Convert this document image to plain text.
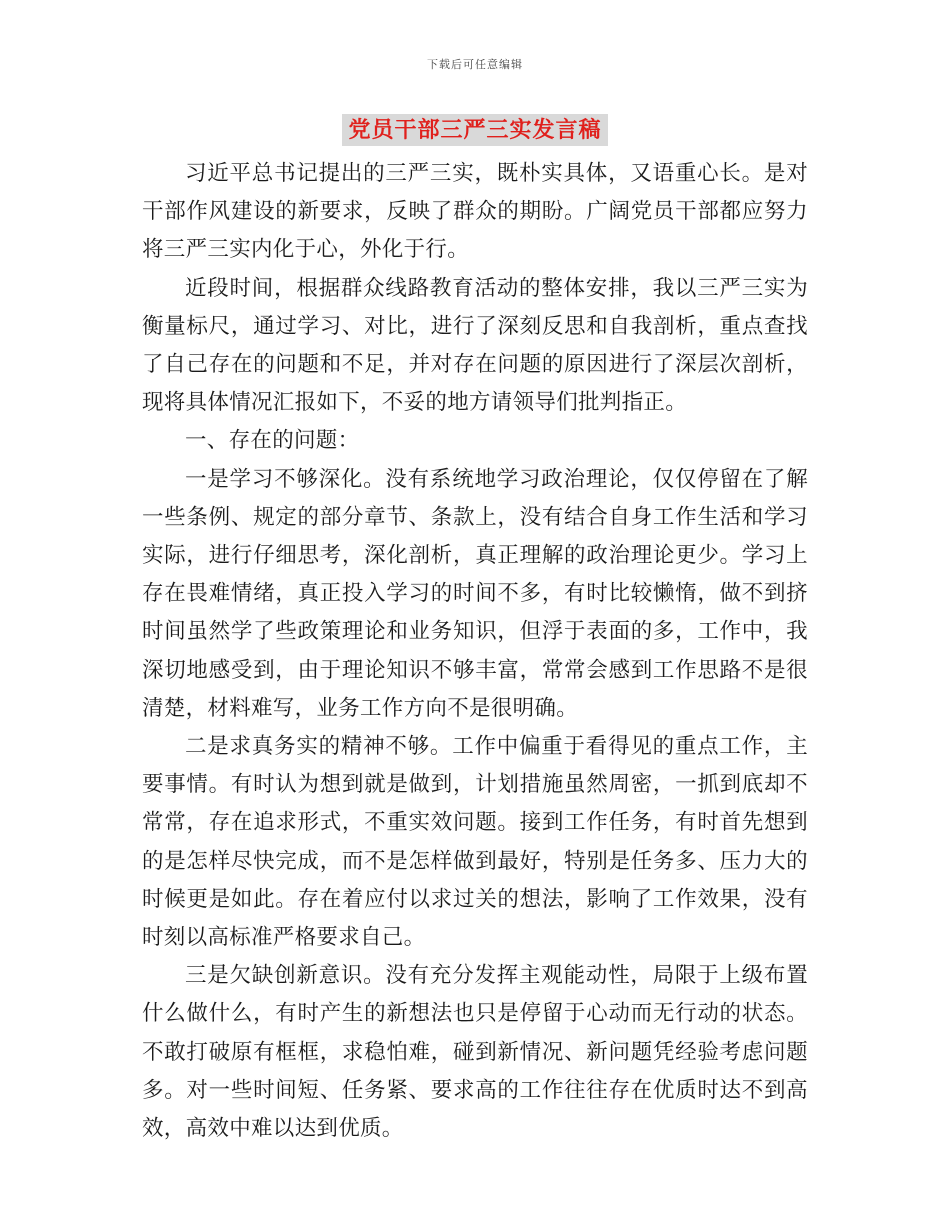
下载后可任意编辑
党员干部三严三实发言稿

习近平总书记提出的三严三实，既朴实具体，又语重心长。是对干部作风建设的新要求，反映了群众的期盼。广阔党员干部都应努力将三严三实内化于心，外化于行。

近段时间，根据群众线路教育活动的整体安排，我以三严三实为衡量标尺，通过学习、对比，进行了深刻反思和自我剖析，重点查找了自己存在的问题和不足，并对存在问题的原因进行了深层次剖析，现将具体情况汇报如下，不妥的地方请领导们批判指正。

一、存在的问题：

一是学习不够深化。没有系统地学习政治理论，仅仅停留在了解一些条例、规定的部分章节、条款上，没有结合自身工作生活和学习实际，进行仔细思考，深化剖析，真正理解的政治理论更少。学习上存在畏难情绪，真正投入学习的时间不多，有时比较懒惰，做不到挤时间虽然学了些政策理论和业务知识，但浮于表面的多，工作中，我深切地感受到，由于理论知识不够丰富，常常会感到工作思路不是很清楚，材料难写，业务工作方向不是很明确。

二是求真务实的精神不够。工作中偏重于看得见的重点工作，主要事情。有时认为想到就是做到，计划措施虽然周密，一抓到底却不常常，存在追求形式，不重实效问题。接到工作任务，有时首先想到的是怎样尽快完成，而不是怎样做到最好，特别是任务多、压力大的时候更是如此。存在着应付以求过关的想法，影响了工作效果，没有时刻以高标准严格要求自己。

三是欠缺创新意识。没有充分发挥主观能动性，局限于上级布置什么做什么，有时产生的新想法也只是停留于心动而无行动的状态。不敢打破原有框框，求稳怕难，碰到新情况、新问题凭经验考虑问题多。对一些时间短、任务紧、要求高的工作往往存在优质时达不到高效，高效中难以达到优质。
